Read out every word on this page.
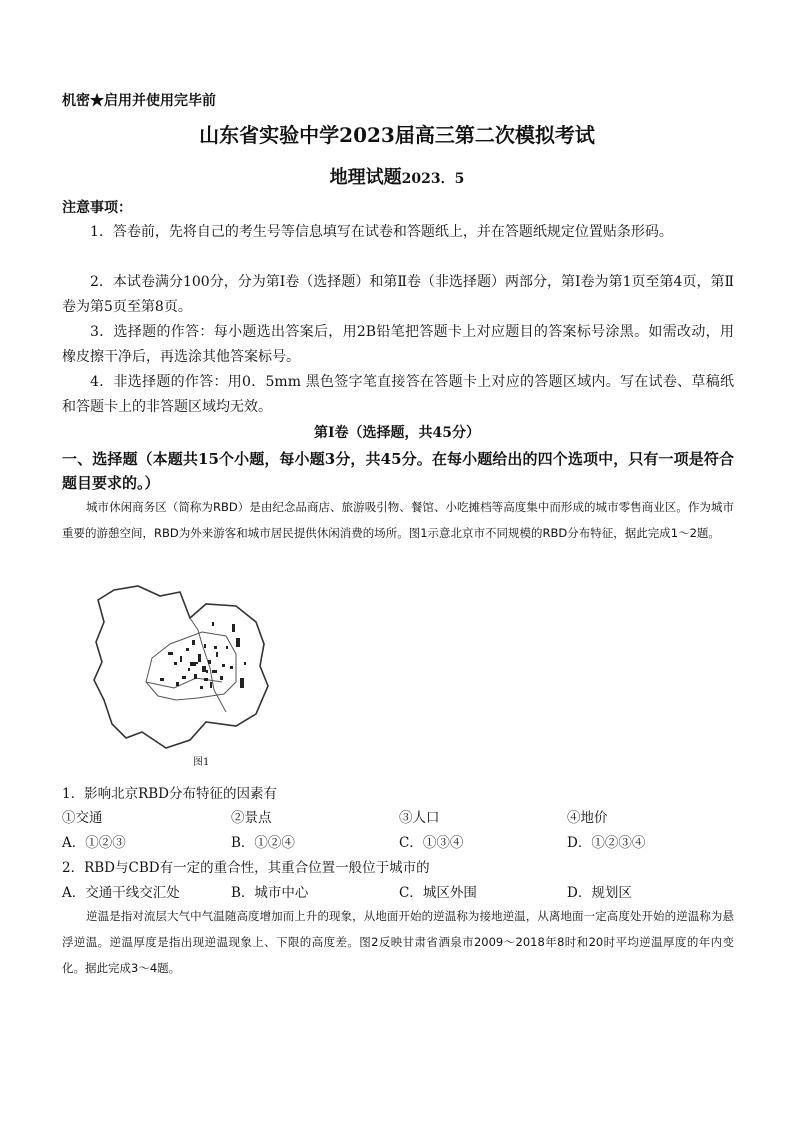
机密★启用并使用完毕前
山东省实验中学2023届高三第二次模拟考试
地理试题2023．5
注意事项：
1．答卷前，先将自己的考生号等信息填写在试卷和答题纸上，并在答题纸规定位置贴条形码。
2．本试卷满分100分，分为第Ⅰ卷（选择题）和第Ⅱ卷（非选择题）两部分，第Ⅰ卷为第1页至第4页，第Ⅱ卷为第5页至第8页。
3．选择题的作答：每小题选出答案后，用2B铅笔把答题卡上对应题目的答案标号涂黑。如需改动，用橡皮擦干净后，再选涂其他答案标号。
4．非选择题的作答：用0．5mm 黑色签字笔直接答在答题卡上对应的答题区域内。写在试卷、草稿纸和答题卡上的非答题区域均无效。
第Ⅰ卷（选择题，共45分）
一、选择题（本题共15个小题，每小题3分，共45分。在每小题给出的四个选项中，只有一项是符合题目要求的。）
城市休闲商务区（简称为RBD）是由纪念品商店、旅游吸引物、餐馆、小吃摊档等高度集中而形成的城市零售商业区。作为城市重要的游憩空间，RBD为外来游客和城市居民提供休闲消费的场所。图1示意北京市不同规模的RBD分布特征，据此完成1～2题。
图1
1．影响北京RBD分布特征的因素有
①交通	②景点	③人口	④地价
A．①②③	B．①②④	C．①③④	D．①②③④
2．RBD与CBD有一定的重合性，其重合位置一般位于城市的
A．交通干线交汇处	B．城市中心	C．城区外围	D．规划区
逆温是指对流层大气中气温随高度增加而上升的现象，从地面开始的逆温称为接地逆温，从离地面一定高度处开始的逆温称为悬浮逆温。逆温厚度是指出现逆温现象上、下限的高度差。图2反映甘肃省酒泉市2009～2018年8时和20时平均逆温厚度的年内变化。据此完成3～4题。
